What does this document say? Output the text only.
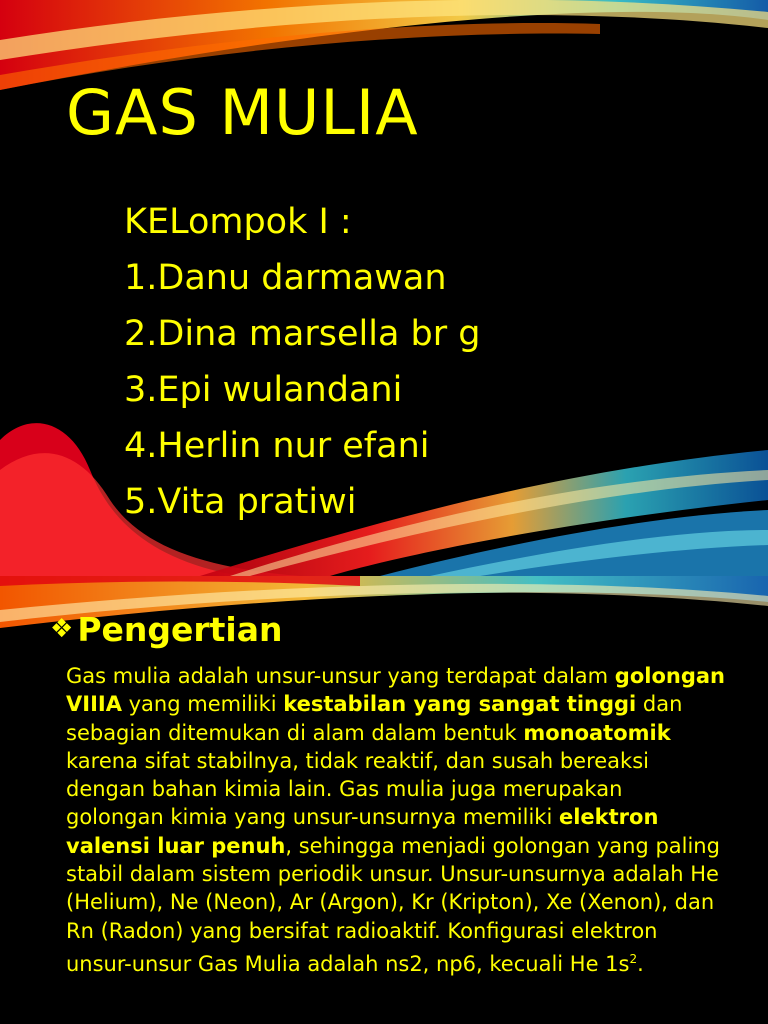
GAS MULIA
KELompok I :
1.Danu darmawan
2.Dina marsella br g
3.Epi wulandani
4.Herlin nur efani
5.Vita pratiwi
❖ Pengertian
Gas mulia adalah unsur-unsur yang terdapat dalam golongan VIIIA yang memiliki kestabilan yang sangat tinggi dan sebagian ditemukan di alam dalam bentuk monoatomik karena sifat stabilnya, tidak reaktif, dan susah bereaksi dengan bahan kimia lain. Gas mulia juga merupakan golongan kimia yang unsur-unsurnya memiliki elektron valensi luar penuh, sehingga menjadi golongan yang paling stabil dalam sistem periodik unsur. Unsur-unsurnya adalah He (Helium), Ne (Neon), Ar (Argon), Kr (Kripton), Xe (Xenon), dan Rn (Radon) yang bersifat radioaktif. Konfigurasi elektron unsur-unsur Gas Mulia adalah ns2, np6, kecuali He $1s^2$.
